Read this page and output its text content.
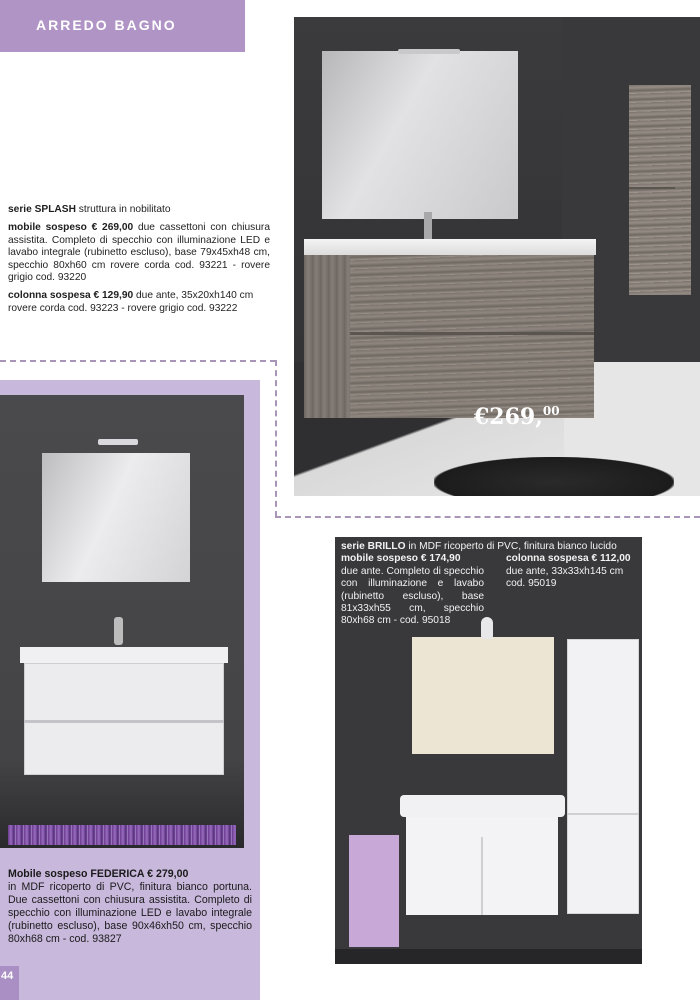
ARREDO BAGNO
€269,00

serie SPLASH struttura in nobilitato

mobile sospeso € 269,00 due cassettoni con chiusura assistita. Completo di specchio con illuminazione LED e lavabo integrale (rubinetto escluso), base 79x45xh48 cm, specchio 80xh60 cm rovere corda cod. 93221 - rovere grigio cod. 93220

colonna sospesa € 129,90 due ante, 35x20xh140 cm rovere corda cod. 93223 - rovere grigio cod. 93222

Mobile sospeso FEDERICA € 279,00
in MDF ricoperto di PVC, finitura bianco portuna. Due cassettoni con chiusura assistita. Completo di specchio con illuminazione LED e lavabo integrale (rubinetto escluso), base 90x46xh50 cm, specchio 80xh68 cm - cod. 93827
44
serie BRILLO in MDF ricoperto di PVC, finitura bianco lucido
mobile sospeso € 174,90
due ante. Completo di specchio con illuminazione e lavabo (rubinetto escluso), base 81x33xh55 cm, specchio 80xh68 cm - cod. 95018
colonna sospesa € 112,00
due ante, 33x33xh145 cm cod. 95019
